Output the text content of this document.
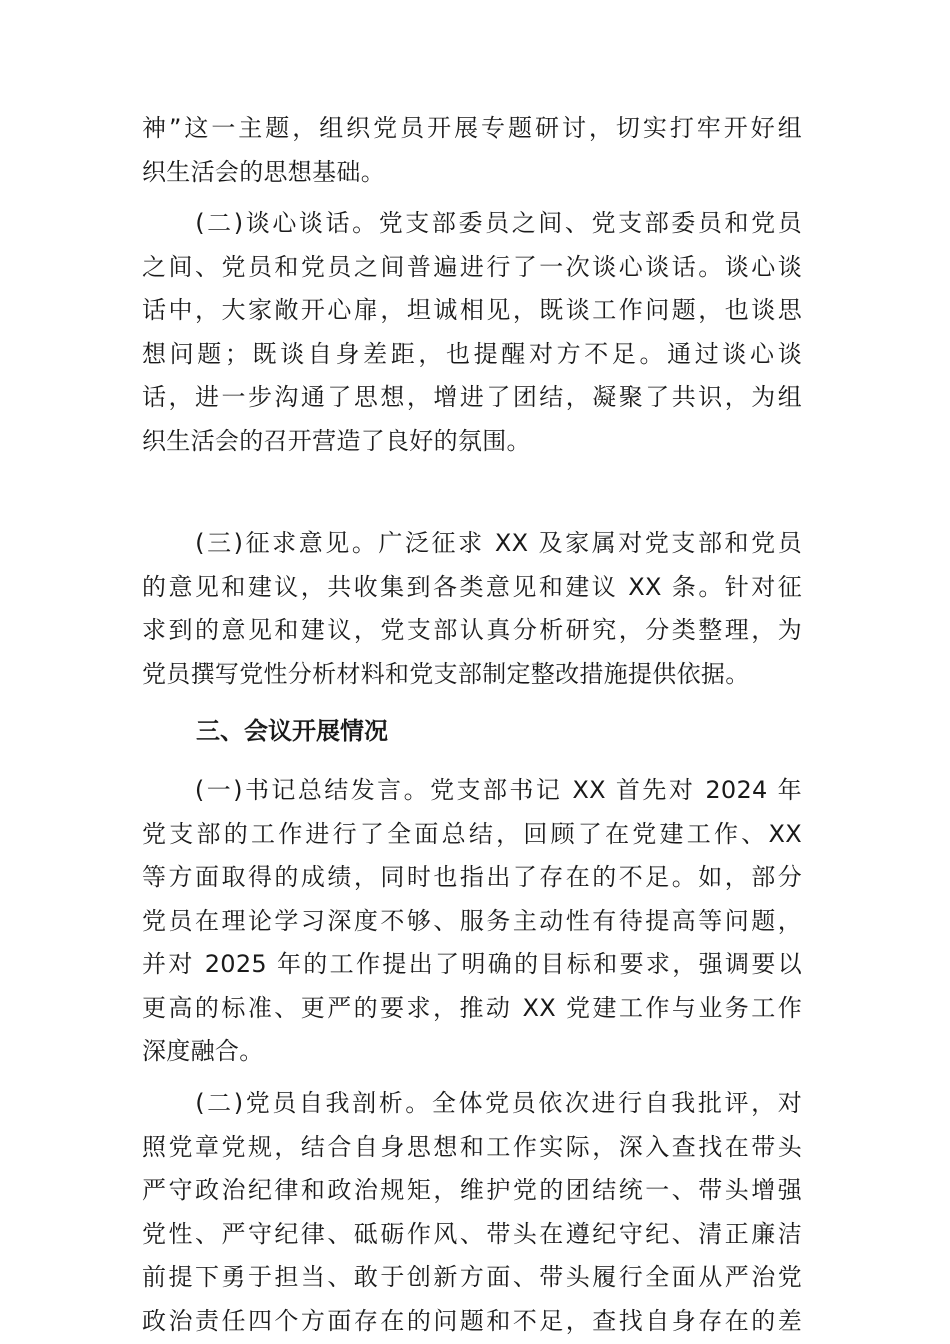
神”这一主题，组织党员开展专题研讨，切实打牢开好组
织生活会的思想基础。
　　(二)谈心谈话。党支部委员之间、党支部委员和党员
之间、党员和党员之间普遍进行了一次谈心谈话。谈心谈
话中，大家敞开心扉，坦诚相见，既谈工作问题，也谈思
想问题；既谈自身差距，也提醒对方不足。通过谈心谈
话，进一步沟通了思想，增进了团结，凝聚了共识，为组
织生活会的召开营造了良好的氛围。
　　(三)征求意见。广泛征求 XX 及家属对党支部和党员
的意见和建议，共收集到各类意见和建议 XX 条。针对征
求到的意见和建议，党支部认真分析研究，分类整理，为
党员撰写党性分析材料和党支部制定整改措施提供依据。
三、会议开展情况
　　(一)书记总结发言。党支部书记 XX 首先对 2024 年
党支部的工作进行了全面总结，回顾了在党建工作、XX
等方面取得的成绩，同时也指出了存在的不足。如，部分
党员在理论学习深度不够、服务主动性有待提高等问题，
并对 2025 年的工作提出了明确的目标和要求，强调要以
更高的标准、更严的要求，推动 XX 党建工作与业务工作
深度融合。
　　(二)党员自我剖析。全体党员依次进行自我批评，对
照党章党规，结合自身思想和工作实际，深入查找在带头
严守政治纪律和政治规矩，维护党的团结统一、带头增强
党性、严守纪律、砥砺作风、带头在遵纪守纪、清正廉洁
前提下勇于担当、敢于创新方面、带头履行全面从严治党
政治责任四个方面存在的问题和不足，查找自身存在的差
